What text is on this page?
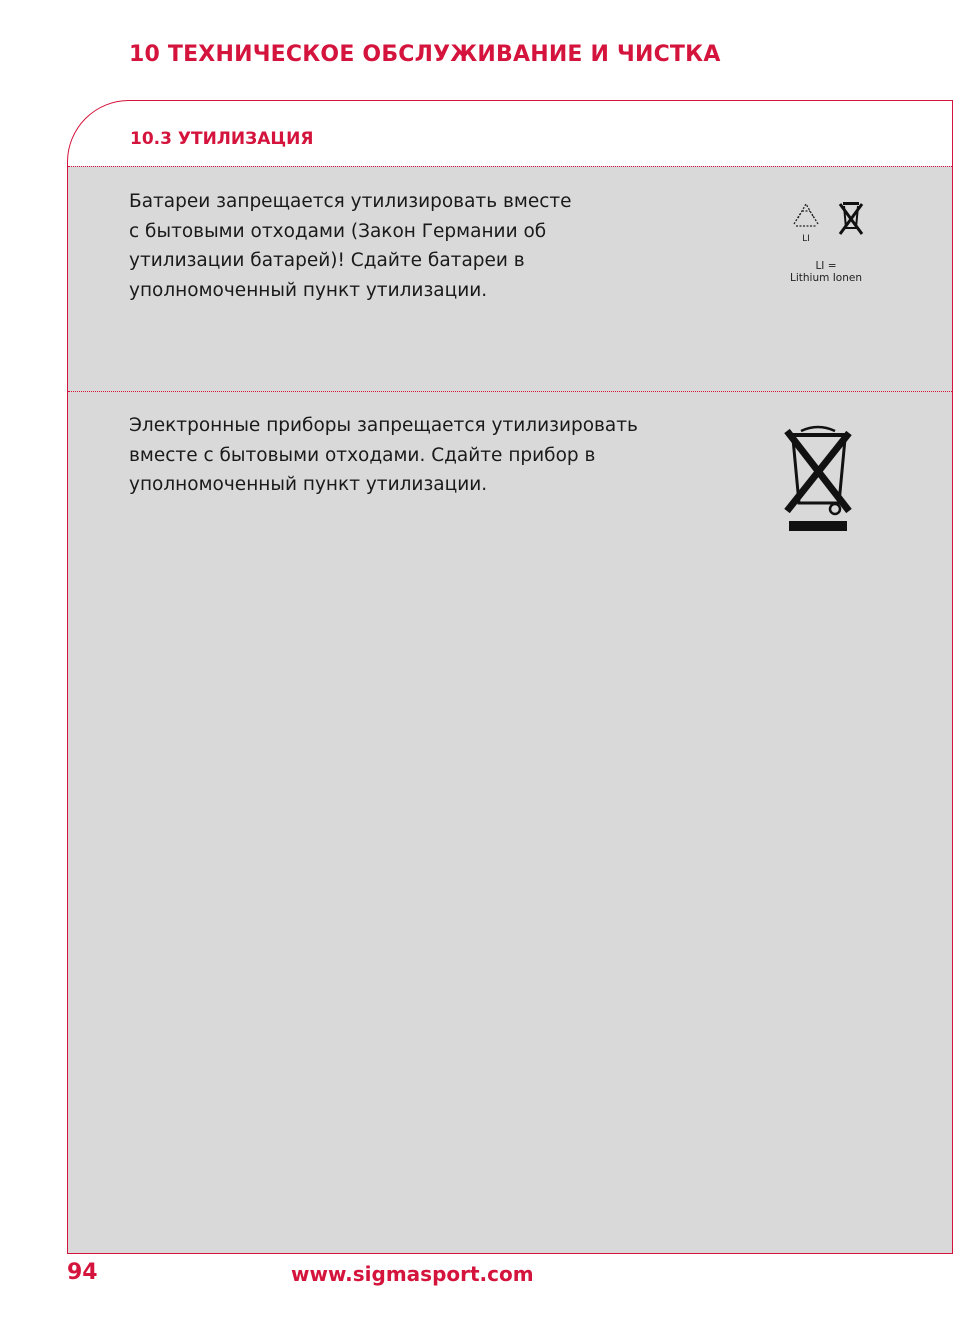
10 ТЕХНИЧЕСКОЕ ОБСЛУЖИВАНИЕ И ЧИСТКА
10.3 УТИЛИЗАЦИЯ
Батареи запрещается утилизировать вместе
с бытовыми отходами (Закон Германии об
утилизации батарей)! Сдайте батареи в
уполномоченный пункт утилизации.
LI
LI =
Lithium Ionen
Электронные приборы запрещается утилизировать
вместе с бытовыми отходами. Сдайте прибор в
уполномоченный пункт утилизации.
94	www.sigmasport.com
